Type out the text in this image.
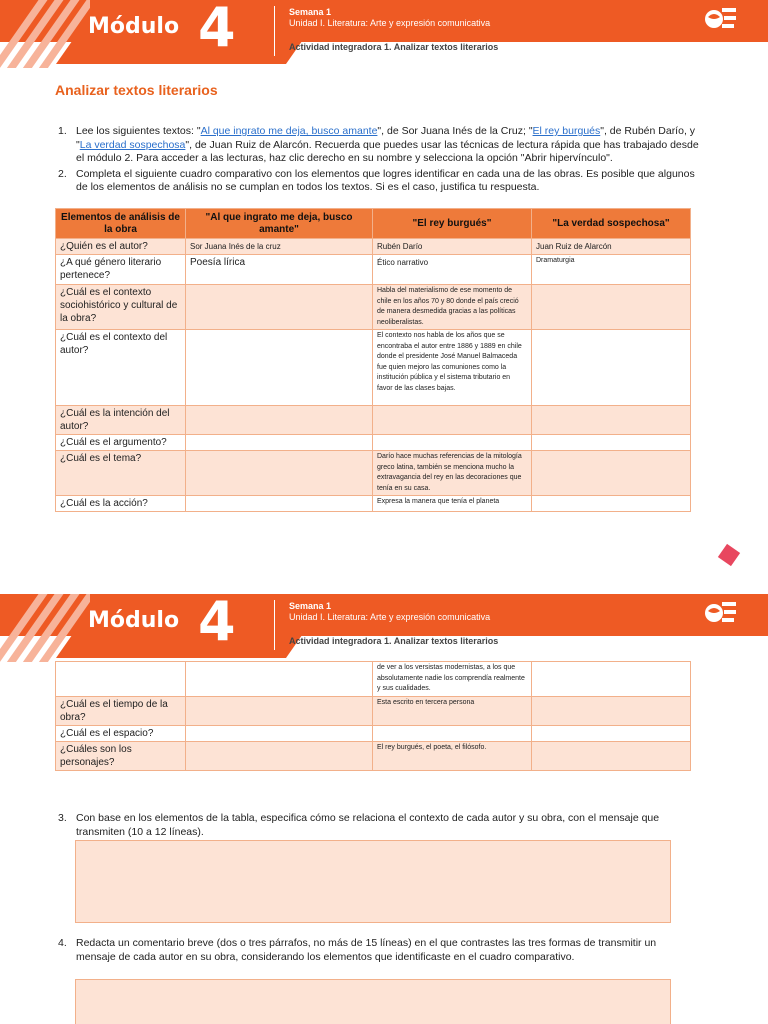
Módulo 4	Semana 1
Unidad I. Literatura: Arte y expresión comunicativa
Actividad integradora 1. Analizar textos literarios
Analizar textos literarios
1. Lee los siguientes textos: "Al que ingrato me deja, busco amante", de Sor Juana Inés de la Cruz; "El rey burgués", de Rubén Darío, y "La verdad sospechosa", de Juan Ruiz de Alarcón. Recuerda que puedes usar las técnicas de lectura rápida que has trabajado desde el módulo 2. Para acceder a las lecturas, haz clic derecho en su nombre y selecciona la opción "Abrir hipervínculo".
2. Completa el siguiente cuadro comparativo con los elementos que logres identificar en cada una de las obras. Es posible que algunos de los elementos de análisis no se cumplan en todos los textos. Si es el caso, justifica tu respuesta.
Elementos de análisis de la obra	"Al que ingrato me deja, busco amante"	"El rey burgués"	"La verdad sospechosa"
¿Quién es el autor?	Sor Juana Inés de la cruz	Rubén Darío	Juan Ruiz de Alarcón
¿A qué género literario pertenece?	Poesía lírica	Ético narrativo	Dramaturgia
¿Cuál es el contexto sociohistórico y cultural de la obra?		Habla del materialismo de ese momento de chile en los años 70 y 80 donde el país creció de manera desmedida gracias a las políticas neoliberalistas.	
¿Cuál es el contexto del autor?		El contexto nos habla de los años que se encontraba el autor entre 1886 y 1889 en chile donde el presidente José Manuel Balmaceda fue quien mejoro las comuniones como la institución pública y el sistema tributario en favor de las clases bajas.	
¿Cuál es la intención del autor?			
¿Cuál es el argumento?			
¿Cuál es el tema?		Darío hace muchas referencias de la mitología greco latina, también se menciona mucho la extravagancia del rey en las decoraciones que tenía en su casa.	
¿Cuál es la acción?		Expresa la manera que tenía el planeta	
Módulo 4	Semana 1
Unidad I. Literatura: Arte y expresión comunicativa
Actividad integradora 1. Analizar textos literarios
		de ver a los versistas modernistas, a los que absolutamente nadie los comprendía realmente y sus cualidades.	
¿Cuál es el tiempo de la obra?		Esta escrito en tercera persona	
¿Cuál es el espacio?			
¿Cuáles son los personajes?		El rey burgués, el poeta, el filósofo.	
3. Con base en los elementos de la tabla, especifica cómo se relaciona el contexto de cada autor y su obra, con el mensaje que transmiten (10 a 12 líneas).
4. Redacta un comentario breve (dos o tres párrafos, no más de 15 líneas) en el que contrastes las tres formas de transmitir un mensaje de cada autor en su obra, considerando los elementos que identificaste en el cuadro comparativo.
